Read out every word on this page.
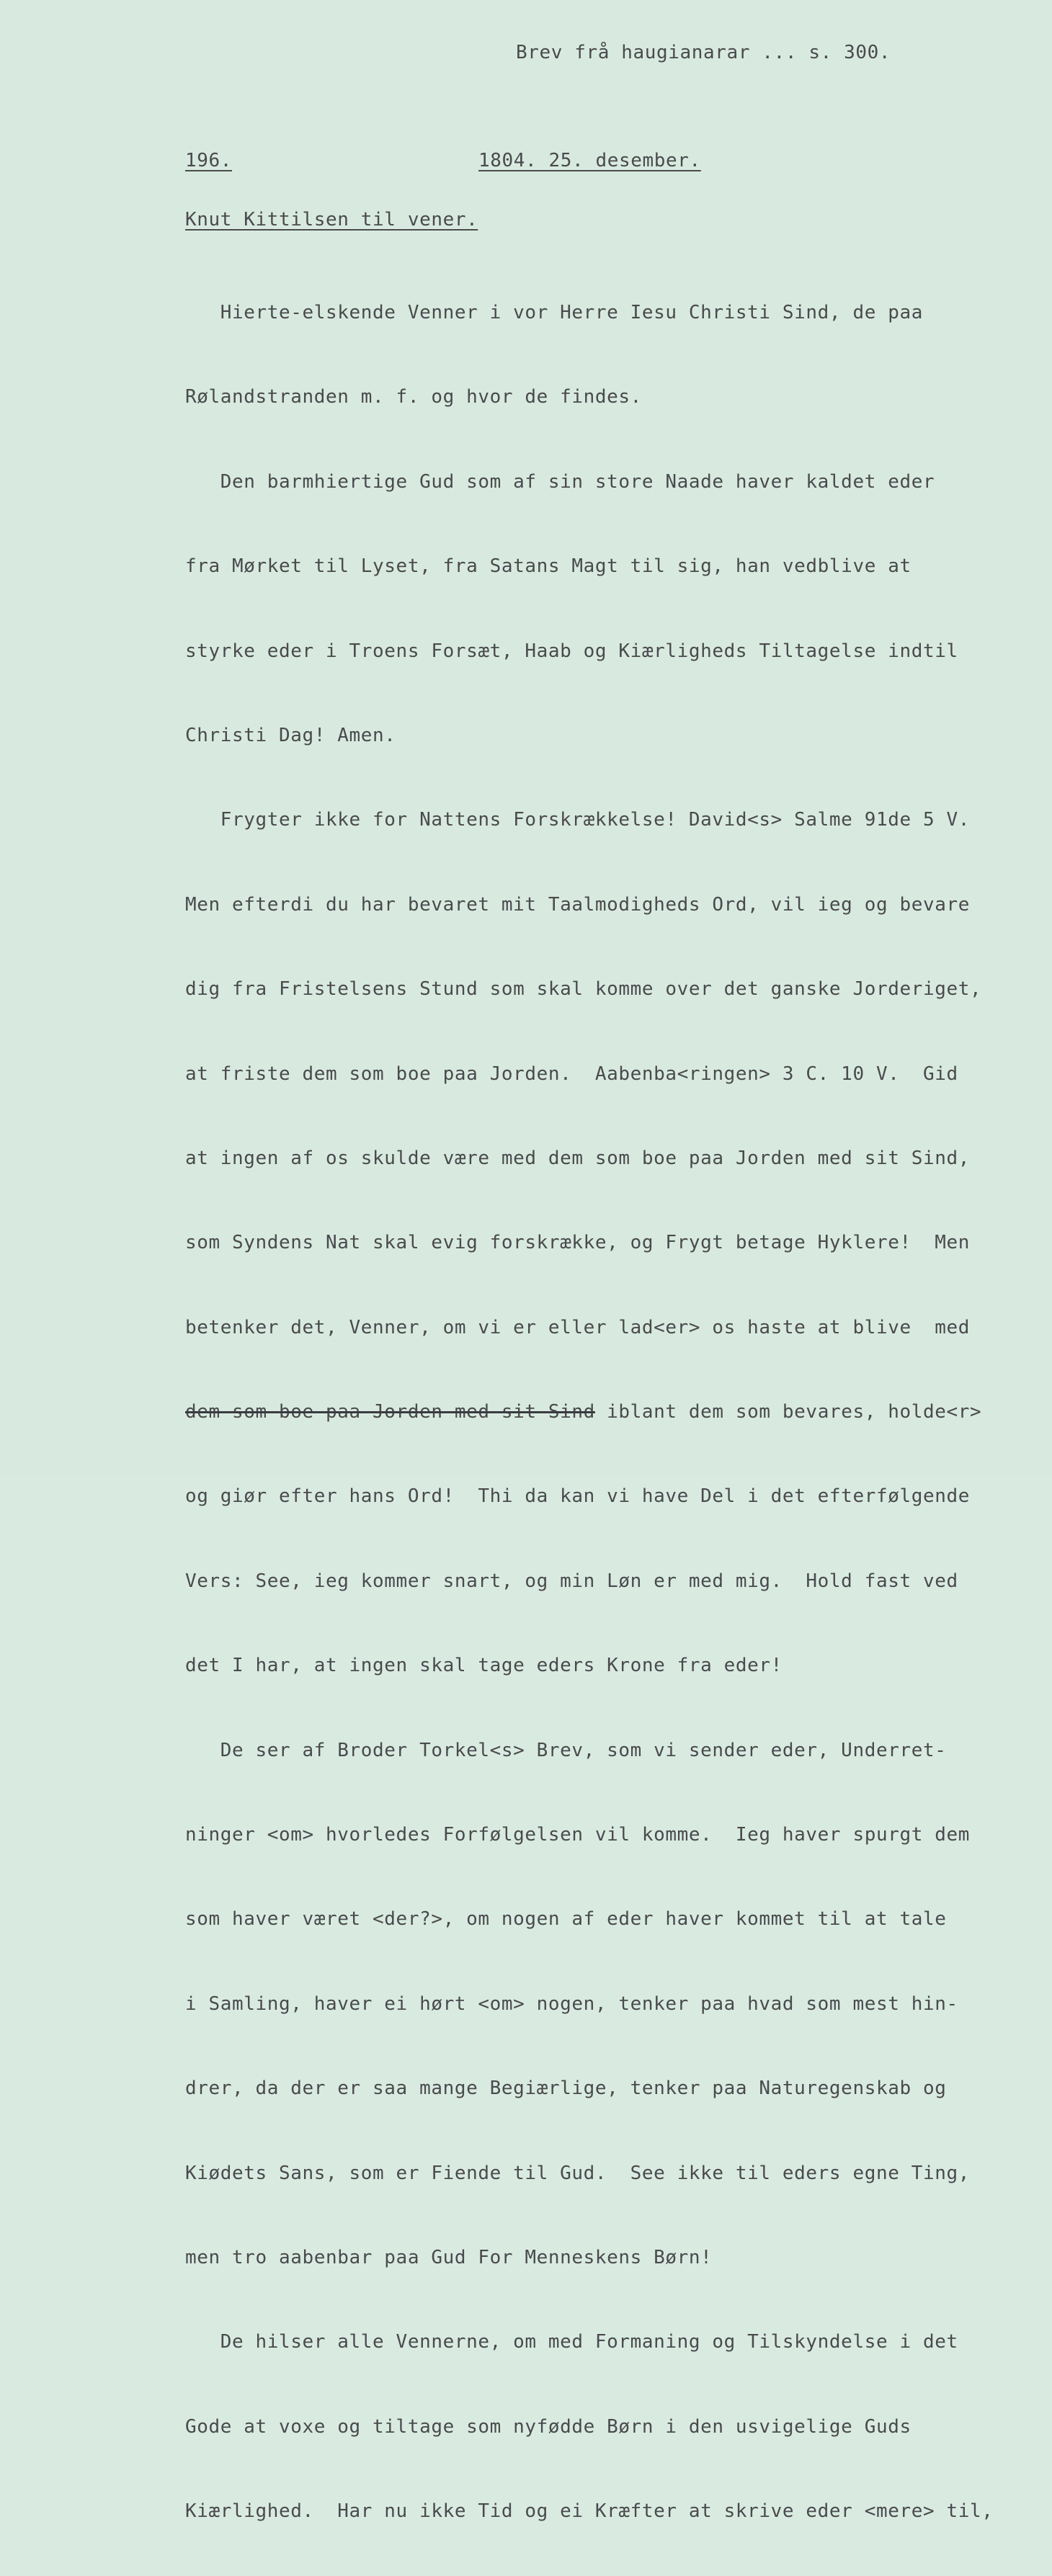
Brev frå haugianarar ... s. 300.
196.	1804. 25. desember.
Knut Kittilsen til vener.

Hierte-elskende Venner i vor Herre Iesu Christi Sind, de paa

Rølandstranden m. f. og hvor de findes.

Den barmhiertige Gud som af sin store Naade haver kaldet eder

fra Mørket til Lyset, fra Satans Magt til sig, han vedblive at

styrke eder i Troens Forsæt, Haab og Kiærligheds Tiltagelse indtil

Christi Dag! Amen.

Frygter ikke for Nattens Forskrækkelse! David<s> Salme 91de 5 V.

Men efterdi du har bevaret mit Taalmodigheds Ord, vil ieg og bevare

dig fra Fristelsens Stund som skal komme over det ganske Jorderiget,

at friste dem som boe paa Jorden.  Aabenba<ringen> 3 C. 10 V.  Gid

at ingen af os skulde være med dem som boe paa Jorden med sit Sind,

som Syndens Nat skal evig forskrække, og Frygt betage Hyklere!  Men

betenker det, Venner, om vi er eller lad<er> os haste at blive  med

dem som boe paa Jorden med sit Sind iblant dem som bevares, holde<r>

og giør efter hans Ord!  Thi da kan vi have Del i det efterfølgende

Vers: See, ieg kommer snart, og min Løn er med mig.  Hold fast ved

det I har, at ingen skal tage eders Krone fra eder!

De ser af Broder Torkel<s> Brev, som vi sender eder, Underret-

ninger <om> hvorledes Forfølgelsen vil komme.  Ieg haver spurgt dem

som haver været <der?>, om nogen af eder haver kommet til at tale

i Samling, haver ei hørt <om> nogen, tenker paa hvad som mest hin-

drer, da der er saa mange Begiærlige, tenker paa Naturegenskab og

Kiødets Sans, som er Fiende til Gud.  See ikke til eders egne Ting,

men tro aabenbar paa Gud For Menneskens Børn!

De hilser alle Vennerne, om med Formaning og Tilskyndelse i det

Gode at voxe og tiltage som nyfødde Børn i den usvigelige Guds

Kiærlighed.  Har nu ikke Tid og ei Kræfter at skrive eder <mere> til,
